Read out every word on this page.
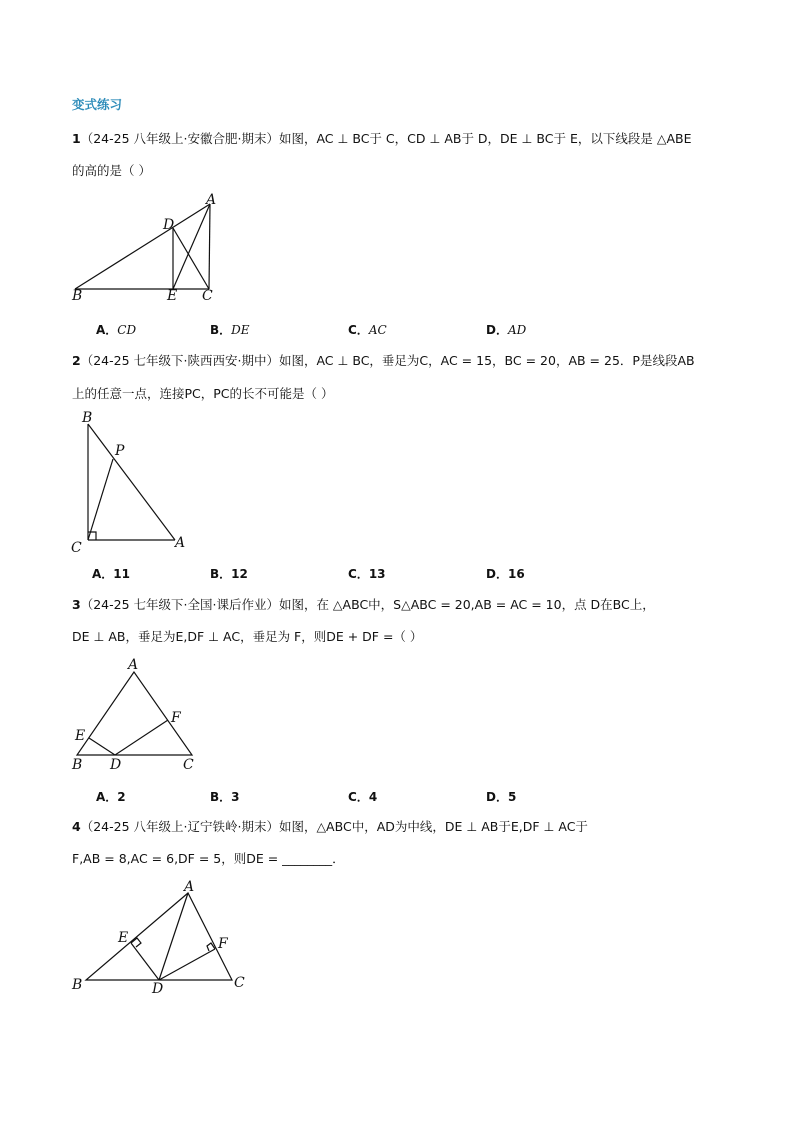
变式练习
1（24-25 八年级上·安徽合肥·期末）如图，AC ⊥ BC于 C，CD ⊥ AB于 D，DE ⊥ BC于 E，以下线段是 △ABE
的高的是（ ）
A
B	C
D
E
A．CD	B．DE	C．AC	D．AD
2（24-25 七年级下·陕西西安·期中）如图，AC ⊥ BC，垂足为C，AC = 15，BC = 20，AB = 25．P是线段AB
上的任意一点，连接PC，PC的长不可能是（ ）
B
P
C	A
A．11	B．12	C．13	D．16
3（24-25 七年级下·全国·课后作业）如图，在 △ABC中，S△ABC = 20,AB = AC = 10，点 D在BC上，
DE ⊥ AB，垂足为E,DF ⊥ AC，垂足为 F，则DE + DF =（ ）
A
E
F
B D	C
A．2	B．3	C．4	D．5
4（24-25 八年级上·辽宁铁岭·期末）如图，△ABC中，AD为中线，DE ⊥ AB于E,DF ⊥ AC于
F,AB = 8,AC = 6,DF = 5，则DE = ________．
A
E	F
B	D	C
